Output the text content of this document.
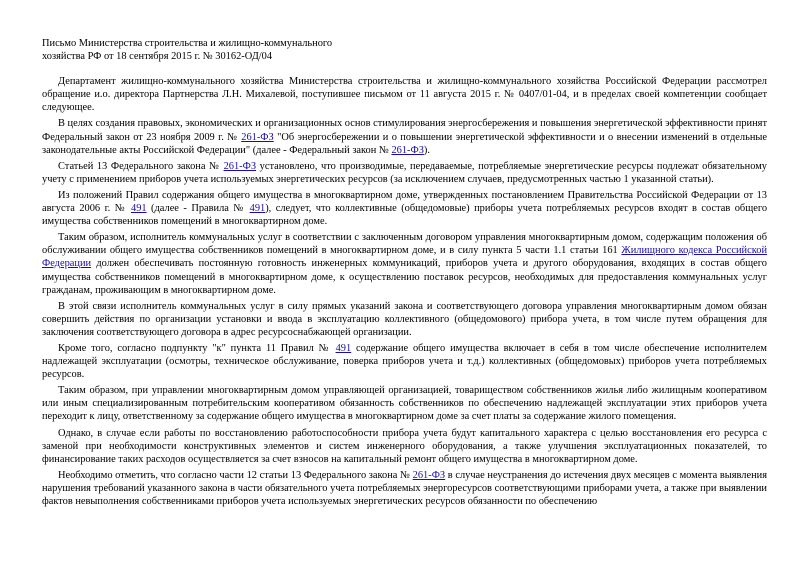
Письмо Министерства строительства и жилищно-коммунального
хозяйства РФ от 18 сентября 2015 г. № 30162-ОД/04

Департамент жилищно-коммунального хозяйства Министерства строительства и жилищно-коммунального хозяйства Российской Федерации рассмотрел обращение и.о. директора Партнерства Л.Н. Михалевой, поступившее письмом от 11 августа 2015 г. № 0407/01-04, и в пределах своей компетенции сообщает следующее.

В целях создания правовых, экономических и организационных основ стимулирования энергосбережения и повышения энергетической эффективности принят Федеральный закон от 23 ноября 2009 г. № 261-ФЗ "Об энергосбережении и о повышении энергетической эффективности и о внесении изменений в отдельные законодательные акты Российской Федерации" (далее - Федеральный закон № 261-ФЗ).

Статьей 13 Федерального закона № 261-ФЗ установлено, что производимые, передаваемые, потребляемые энергетические ресурсы подлежат обязательному учету с применением приборов учета используемых энергетических ресурсов (за исключением случаев, предусмотренных частью 1 указанной статьи).

Из положений Правил содержания общего имущества в многоквартирном доме, утвержденных постановлением Правительства Российской Федерации от 13 августа 2006 г. № 491 (далее - Правила № 491), следует, что коллективные (общедомовые) приборы учета потребляемых ресурсов входят в состав общего имущества собственников помещений в многоквартирном доме.

Таким образом, исполнитель коммунальных услуг в соответствии с заключенным договором управления многоквартирным домом, содержащим положения об обслуживании общего имущества собственников помещений в многоквартирном доме, и в силу пункта 5 части 1.1 статьи 161 Жилищного кодекса Российской Федерации должен обеспечивать постоянную готовность инженерных коммуникаций, приборов учета и другого оборудования, входящих в состав общего имущества собственников помещений в многоквартирном доме, к осуществлению поставок ресурсов, необходимых для предоставления коммунальных услуг гражданам, проживающим в многоквартирном доме.

В этой связи исполнитель коммунальных услуг в силу прямых указаний закона и соответствующего договора управления многоквартирным домом обязан совершить действия по организации установки и ввода в эксплуатацию коллективного (общедомового) прибора учета, в том числе путем обращения для заключения соответствующего договора в адрес ресурсоснабжающей организации.

Кроме того, согласно подпункту "к" пункта 11 Правил № 491 содержание общего имущества включает в себя в том числе обеспечение исполнителем надлежащей эксплуатации (осмотры, техническое обслуживание, поверка приборов учета и т.д.) коллективных (общедомовых) приборов учета потребляемых ресурсов.

Таким образом, при управлении многоквартирным домом управляющей организацией, товариществом собственников жилья либо жилищным кооперативом или иным специализированным потребительским кооперативом обязанность собственников по обеспечению надлежащей эксплуатации этих приборов учета переходит к лицу, ответственному за содержание общего имущества в многоквартирном доме за счет платы за содержание жилого помещения.

Однако, в случае если работы по восстановлению работоспособности прибора учета будут капитального характера с целью восстановления его ресурса с заменой при необходимости конструктивных элементов и систем инженерного оборудования, а также улучшения эксплуатационных показателей, то финансирование таких расходов осуществляется за счет взносов на капитальный ремонт общего имущества в многоквартирном доме.

Необходимо отметить, что согласно части 12 статьи 13 Федерального закона № 261-ФЗ в случае неустранения до истечения двух месяцев с момента выявления нарушения требований указанного закона в части обязательного учета потребляемых энергоресурсов соответствующими приборами учета, а также при выявлении фактов невыполнения собственниками приборов учета используемых энергетических ресурсов обязанности по обеспечению
